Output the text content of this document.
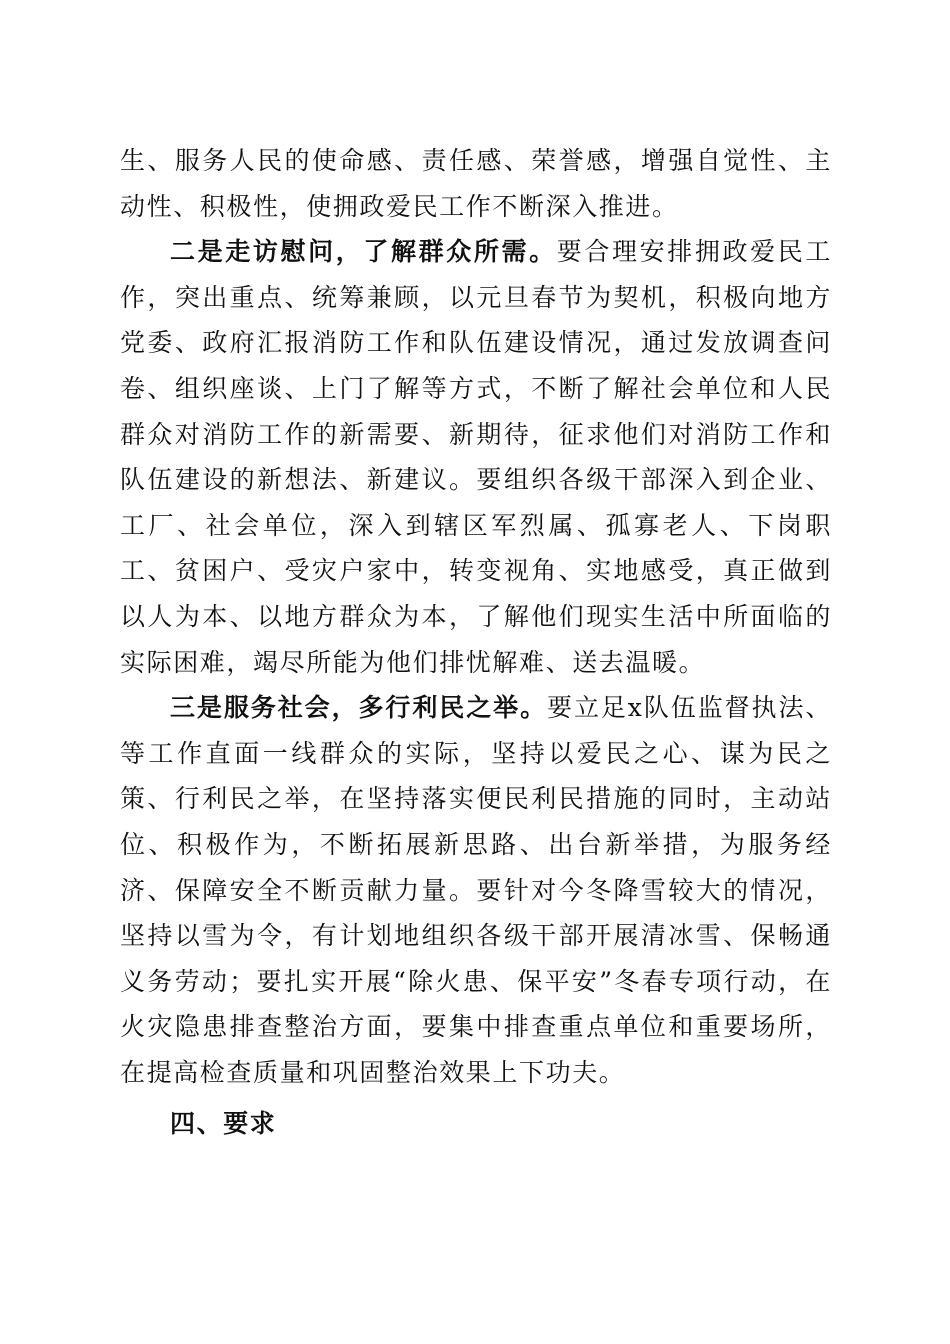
生、服务人民的使命感、责任感、荣誉感，增强自觉性、主动性、积极性，使拥政爱民工作不断深入推进。

二是走访慰问，了解群众所需。要合理安排拥政爱民工作，突出重点、统筹兼顾，以元旦春节为契机，积极向地方党委、政府汇报消防工作和队伍建设情况，通过发放调查问卷、组织座谈、上门了解等方式，不断了解社会单位和人民群众对消防工作的新需要、新期待，征求他们对消防工作和队伍建设的新想法、新建议。要组织各级干部深入到企业、工厂、社会单位，深入到辖区军烈属、孤寡老人、下岗职工、贫困户、受灾户家中，转变视角、实地感受，真正做到以人为本、以地方群众为本，了解他们现实生活中所面临的实际困难，竭尽所能为他们排忧解难、送去温暖。

三是服务社会，多行利民之举。要立足x队伍监督执法、等工作直面一线群众的实际，坚持以爱民之心、谋为民之策、行利民之举，在坚持落实便民利民措施的同时，主动站位、积极作为，不断拓展新思路、出台新举措，为服务经济、保障安全不断贡献力量。要针对今冬降雪较大的情况，坚持以雪为令，有计划地组织各级干部开展清冰雪、保畅通义务劳动；要扎实开展“除火患、保平安”冬春专项行动，在火灾隐患排查整治方面，要集中排查重点单位和重要场所，在提高检查质量和巩固整治效果上下功夫。

四、要求
